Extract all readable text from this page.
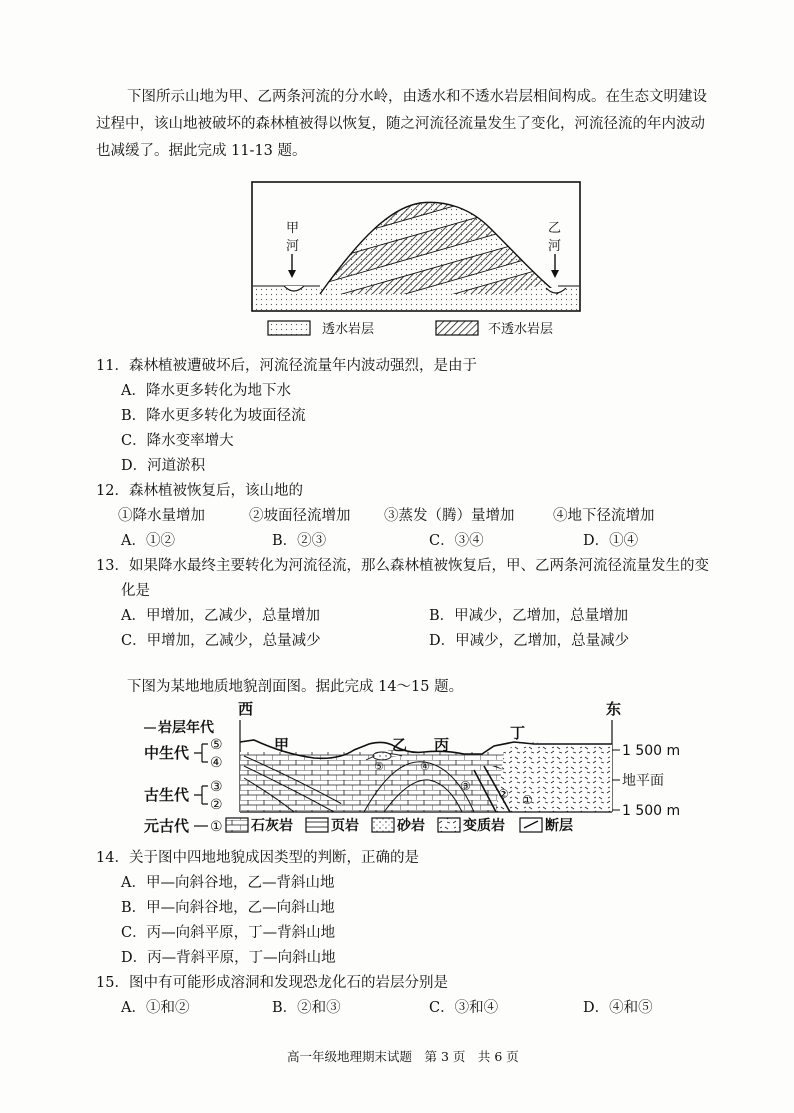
下图所示山地为甲、乙两条河流的分水岭，由透水和不透水岩层相间构成。在生态文明建设
过程中，该山地被破坏的森林植被得以恢复，随之河流径流量发生了变化，河流径流的年内波动
也减缓了。据此完成 11-13 题。
甲
河
乙
河
透水岩层	不透水岩层
11．森林植被遭破坏后，河流径流量年内波动强烈，是由于
A．降水更多转化为地下水
B．降水更多转化为坡面径流
C．降水变率增大
D．河道淤积
12．森林植被恢复后，该山地的
①降水量增加	②坡面径流增加 ③蒸发（腾）量增加	④地下径流增加
A．①②	B．②③	C．③④	D．①④
13．如果降水最终主要转化为河流径流，那么森林植被恢复后，甲、乙两条河流径流量发生的变
化是
A．甲增加，乙减少，总量增加	B．甲减少，乙增加，总量增加
C．甲增加，乙减少，总量减少	D．甲减少，乙增加，总量减少
下图为某地地质地貌剖面图。据此完成 14～15 题。
西	东
岩层年代
中生代
古生代
元古代
⑤
④
③
②
①
甲	乙 丙
丁
⑤	④
③
② ①
1 500 m
地平面
1 500 m
石灰岩	页岩	砂岩	变质岩	断层
14．关于图中四地地貌成因类型的判断，正确的是
A．甲—向斜谷地，乙—背斜山地
B．甲—向斜谷地，乙—向斜山地
C．丙—向斜平原，丁—背斜山地
D．丙—背斜平原，丁—向斜山地
15．图中有可能形成溶洞和发现恐龙化石的岩层分别是
A．①和②	B．②和③	C．③和④	D．④和⑤
高一年级地理期末试题　第 3 页　共 6 页
